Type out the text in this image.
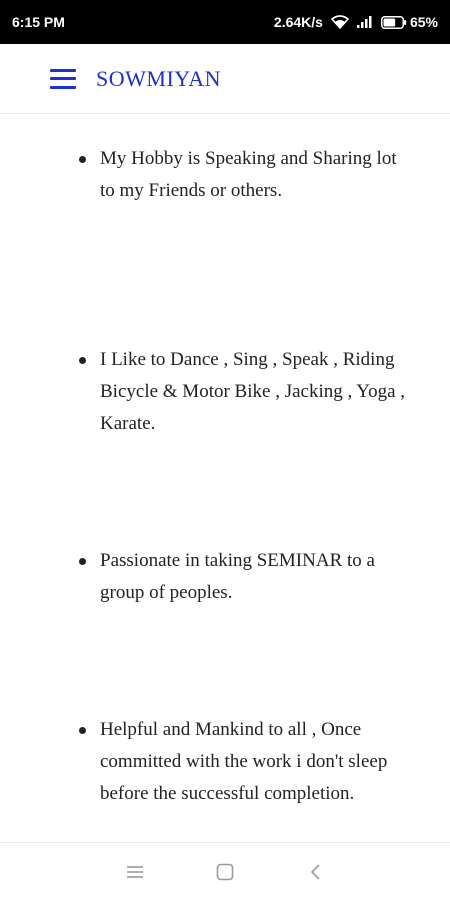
6:15 PM	2.64K/s	65%
SOWMIYAN
My Hobby is Speaking and Sharing lot to my Friends or others.
I Like to Dance , Sing , Speak , Riding Bicycle & Motor Bike , Jacking , Yoga , Karate.
Passionate in taking SEMINAR to a group of peoples.
Helpful and Mankind to all , Once committed with the work i don't sleep before the successful completion.
